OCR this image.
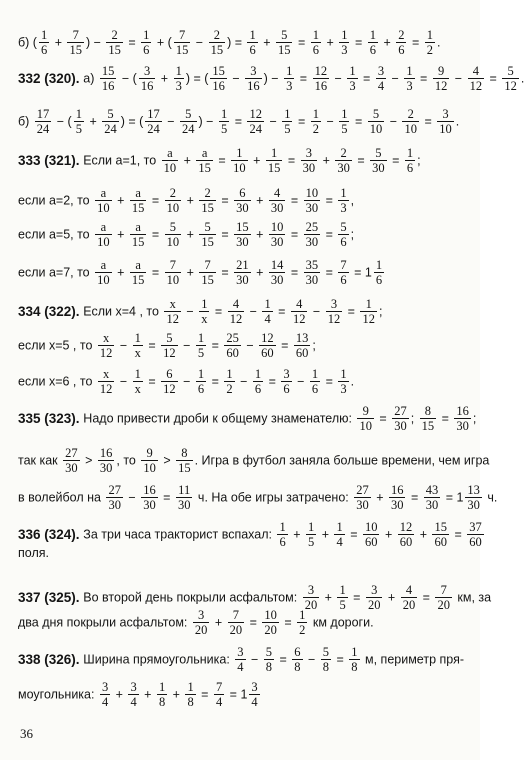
б) ( $\frac{1}{6} + \frac{7}{15}$ ) − $\frac{2}{15} = \frac{1}{6}$ + ( $\frac{7}{15} - \frac{2}{15}$ ) = $\frac{1}{6} + \frac{5}{15} = \frac{1}{6} + \frac{1}{3} = \frac{1}{6} + \frac{2}{6} = \frac{1}{2}$ .
332 (320). $а) \frac{15}{16}$ − ( $\frac{3}{16} + \frac{1}{3}$ ) = ( $\frac{15}{16} - \frac{3}{16}$ ) − $\frac{1}{3} = \frac{12}{16} - \frac{1}{3} = \frac{3}{4} - \frac{1}{3} = \frac{9}{12} - \frac{4}{12} = \frac{5}{12}$ .
$б) \frac{17}{24}$ − ( $\frac{1}{5} + \frac{5}{24}$ ) = ( $\frac{17}{24} - \frac{5}{24}$ ) − $\frac{1}{5} = \frac{12}{24} - \frac{1}{5} = \frac{1}{2} - \frac{1}{5} = \frac{5}{10} - \frac{2}{10} = \frac{3}{10}$ .
333 (321). Если a=1, то $\frac{a}{10} + \frac{a}{15} = \frac{1}{10} + \frac{1}{15} = \frac{3}{30} + \frac{2}{30} = \frac{5}{30} = \frac{1}{6}$ ;
если a=2, то $\frac{a}{10} + \frac{a}{15} = \frac{2}{10} + \frac{2}{15} = \frac{6}{30} + \frac{4}{30} = \frac{10}{30} = \frac{1}{3}$ ,
если a=5, то $\frac{a}{10} + \frac{a}{15} = \frac{5}{10} + \frac{5}{15} = \frac{15}{30} + \frac{10}{30} = \frac{25}{30} = \frac{5}{6}$ ;
если a=7, то $\frac{a}{10} + \frac{a}{15} = \frac{7}{10} + \frac{7}{15} = \frac{21}{30} + \frac{14}{30} = \frac{35}{30} = \frac{7}{6} = 1 \frac{1}{6}$
334 (322). Если x=4 , то $\frac{x}{12} - \frac{1}{x} = \frac{4}{12} - \frac{1}{4} = \frac{4}{12} - \frac{3}{12} = \frac{1}{12}$ ;
если x=5 , то $\frac{x}{12} - \frac{1}{x} = \frac{5}{12} - \frac{1}{5} = \frac{25}{60} - \frac{12}{60} = \frac{13}{60}$ ;
если x=6 , то $\frac{x}{12} - \frac{1}{x} = \frac{6}{12} - \frac{1}{6} = \frac{1}{2} - \frac{1}{6} = \frac{3}{6} - \frac{1}{6} = \frac{1}{3}$ .
335 (323). Надо привести дроби к общему знаменателю: $\frac{9}{10} = \frac{27}{30}$ ; $\frac{8}{15} = \frac{16}{30}$ ;
так как $\frac{27}{30} > \frac{16}{30}$ , то $\frac{9}{10} > \frac{8}{15}$ . Игра в футбол заняла больше времени, чем игра
в волейбол на $\frac{27}{30} - \frac{16}{30} = \frac{11}{30} ч$. На обе игры затрачено: $\frac{27}{30} + \frac{16}{30} = \frac{43}{30} = 1 \frac{13}{30} ч$.
336 (324). За три часа тракторист вспахал: $\frac{1}{6} + \frac{1}{5} + \frac{1}{4} = \frac{10}{60} + \frac{12}{60} + \frac{15}{60} = \frac{37}{60}$
поля.
337 (325). Во второй день покрыли асфальтом: $\frac{3}{20} + \frac{1}{5} = \frac{3}{20} + \frac{4}{20} = \frac{7}{20}$ км, за
два дня покрыли асфальтом: $\frac{3}{20} + \frac{7}{20} = \frac{10}{20} = \frac{1}{2}$ км дороги.
338 (326). Ширина прямоугольника: $\frac{3}{4} - \frac{5}{8} = \frac{6}{8} - \frac{5}{8} = \frac{1}{8} м$, периметр пря-
моугольника: $\frac{3}{4} + \frac{3}{4} + \frac{1}{8} + \frac{1}{8} = \frac{7}{4} = 1 \frac{3}{4}$
36
